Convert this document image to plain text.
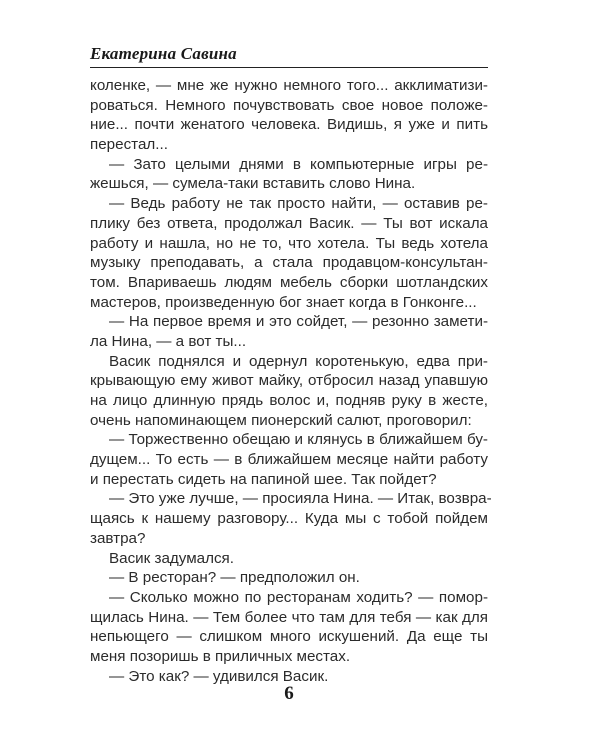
Екатерина Савина
коленке, — мне же нужно немного того... акклиматизи-
роваться. Немного почувствовать свое новое положе-
ние... почти женатого человека. Видишь, я уже и пить
перестал...
— Зато целыми днями в компьютерные игры ре-
жешься, — сумела-таки вставить слово Нина.
— Ведь работу не так просто найти, — оставив ре-
плику без ответа, продолжал Васик. — Ты вот искала
работу и нашла, но не то, что хотела. Ты ведь хотела
музыку преподавать, а стала продавцом-консультан-
том. Впариваешь людям мебель сборки шотландских
мастеров, произведенную бог знает когда в Гонконге...
— На первое время и это сойдет, — резонно замети-
ла Нина, — а вот ты...
Васик поднялся и одернул коротенькую, едва при-
крывающую ему живот майку, отбросил назад упавшую
на лицо длинную прядь волос и, подняв руку в жесте,
очень напоминающем пионерский салют, проговорил:
— Торжественно обещаю и клянусь в ближайшем бу-
дущем... То есть — в ближайшем месяце найти работу
и перестать сидеть на папиной шее. Так пойдет?
— Это уже лучше, — просияла Нина. — Итак, возвра-
щаясь к нашему разговору... Куда мы с тобой пойдем
завтра?
Васик задумался.
— В ресторан? — предположил он.
— Сколько можно по ресторанам ходить? — помор-
щилась Нина. — Тем более что там для тебя — как для
непьющего — слишком много искушений. Да еще ты
меня позоришь в приличных местах.
— Это как? — удивился Васик.
6
